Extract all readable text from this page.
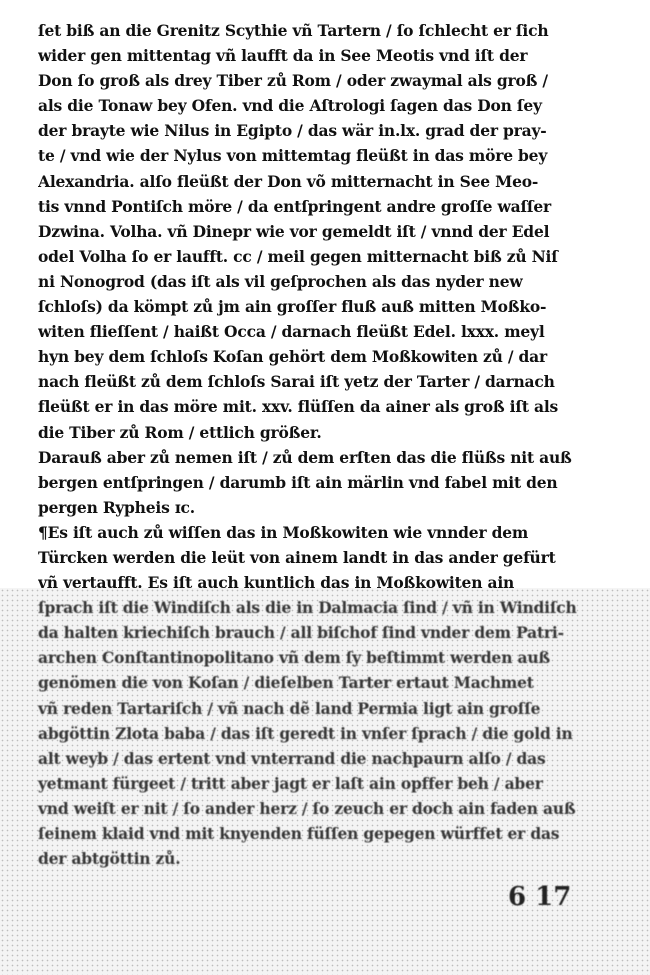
ſet biß an die Grenitz Scythie vñ Tartern / ſo ſchlecht er ſich
wider gen mittentag vñ laufft da in See Meotis vnd iſt der
Don ſo groß als drey Tiber zů Rom / oder zwaymal als groß /
als die Tonaw bey Ofen. vnd die Aſtrologi ſagen das Don ſey
der brayte wie Nilus in Egipto / das wär in.lx. grad der pray-
te / vnd wie der Nylus von mittemtag fleüßt in das möre bey
Alexandria. alſo fleüßt der Don võ mitternacht in See Meo-
tis vnnd Pontiſch möre / da entſpringent andre groſſe waſſer
Dzwina. Volha. vñ Dinepr wie vor gemeldt iſt / vnnd der Edel
odel Volha ſo er laufft. cc / meil gegen mitternacht biß zů Niſ
ni Nonogrod (das iſt als vil geſprochen als das nyder new
ſchloſs) da kömpt zů jm ain groſſer fluß auß mitten Moßko-
witen flieſſent / haißt Occa / darnach fleüßt Edel. lxxx. meyl
hyn bey dem ſchloſs Koſan gehört dem Moßkowiten zů / dar
nach fleüßt zů dem ſchloſs Sarai iſt yetz der Tarter / darnach
fleüßt er in das möre mit. xxv. flüſſen da ainer als groß iſt als
die Tiber zů Rom / ettlich größer.
Darauß aber zů nemen iſt / zů dem erſten das die flüßs nit auß
bergen entſpringen / darumb iſt ain märlin vnd fabel mit den
pergen Rypheis ɪc.
¶Es iſt auch zů wiſſen das in Moßkowiten wie vnnder dem
Türcken werden die leüt von ainem landt in das ander gefürt
vñ vertaufft. Es iſt auch kuntlich das in Moßkowiten ain
ſprach iſt die Windiſch als die in Dalmacia ſind / vñ in Windiſch
da halten kriechiſch brauch / all biſchof ſind vnder dem Patri-
archen Conſtantinopolitano vñ dem ſy beſtimmt werden auß
genömen die von Koſan / dieſelben Tarter ertaut Machmet
vñ reden Tartariſch / vñ nach dẽ land Permia ligt ain groſſe
abgöttin Zlota baba / das iſt geredt in vnſer ſprach / die gold in
alt weyb / das ertent vnd vnterrand die nachpaurn alſo / das
yetmant fürgeet / tritt aber jagt er laſt ain opffer beh / aber
vnd weiſt er nit / ſo ander herz / ſo zeuch er doch ain faden auß
ſeinem klaid vnd mit knyenden füſſen gepegen würffet er das
der abtgöttin zů.
6 17
